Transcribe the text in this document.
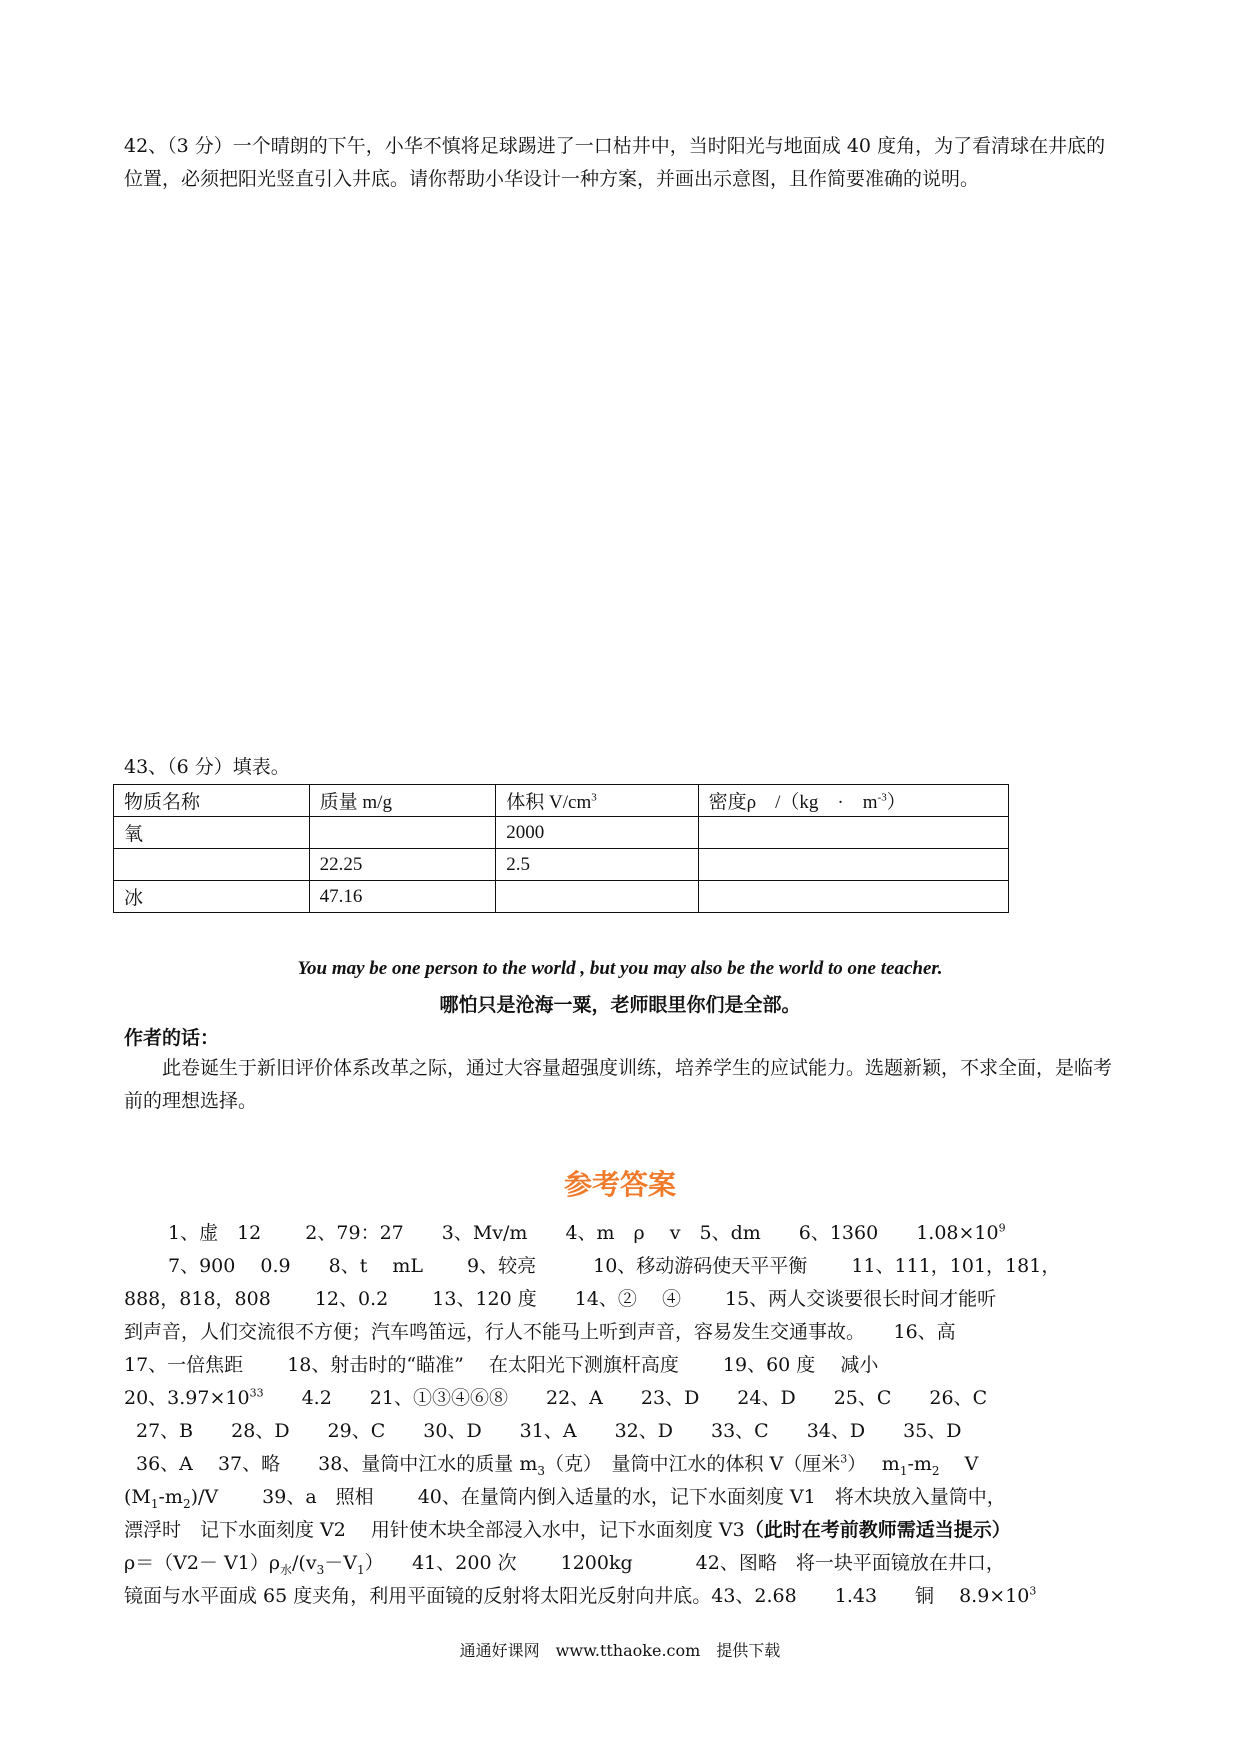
42、（3 分）一个晴朗的下午，小华不慎将足球踢进了一口枯井中，当时阳光与地面成 40 度角，为了看清球在井底的位置，必须把阳光竖直引入井底。请你帮助小华设计一种方案，并画出示意图，且作简要准确的说明。
43、（6 分）填表。
物质名称	质量 m/g	体积 $V/cm^3$	密度ρ　/（kg　·　$m^{-3}$）
氧		2000	
	22.25	2.5	
冰	47.16		
You may be one person to the world , but you may also be the world to one teacher.
哪怕只是沧海一粟，老师眼里你们是全部。
作者的话：
此卷诞生于新旧评价体系改革之际，通过大容量超强度训练，培养学生的应试能力。选题新颖，不求全面，是临考前的理想选择。
参考答案
1、虚　12　　 2、79：27　　3、Mv/m　　4、m　ρ　 v　5、dm　　6、1360　　$1.08\times 10^9$
7、900　 0.9　　8、t　 mL　　 9、较亮　　　10、移动游码使天平平衡　　 11、111，101，181，
888，818，808　　 12、0.2　　 13、120 度　　14、②　 ④　　 15、两人交谈要很长时间才能听
到声音，人们交流很不方便；汽车鸣笛远，行人不能马上听到声音，容易发生交通事故。　　16、高
17、一倍焦距　　 18、射击时的“瞄准”　 在太阳光下测旗杆高度　　 19、60 度　 减小
20、$3.97\times 10^{33}$　　4.2　　21、①③④⑥⑧　　22、A　　23、D　　24、D　　25、C　　26、C
27、B　　28、D　　29、C　　30、D　　31、A　　32、D　　33、C　　34、D　　35、D
36、A　 37、略　　38、量筒中江水的质量 $m_3$（克）　量筒中江水的体积 V（厘米$^3$）　 $m_1-m_2$　 V
$(M_1-m_2)/V$　　 39、a　照相　　 40、在量筒内倒入适量的水，记下水面刻度 V1　将木块放入量筒中，
漂浮时　记下水面刻度 V2　 用针使木块全部浸入水中，记下水面刻度 V3（此时在考前教师需适当提示）
$\rho=(V2- V1)\rho_水/(v_3-V_1)$　　41、200 次　　 1200kg　　　 42、图略　将一块平面镜放在井口，
镜面与水平面成 65 度夹角，利用平面镜的反射将太阳光反射向井底。43、2.68　　1.43　　铜　 $8.9\times 10^3$
通通好课网　www.tthaoke.com　提供下载
